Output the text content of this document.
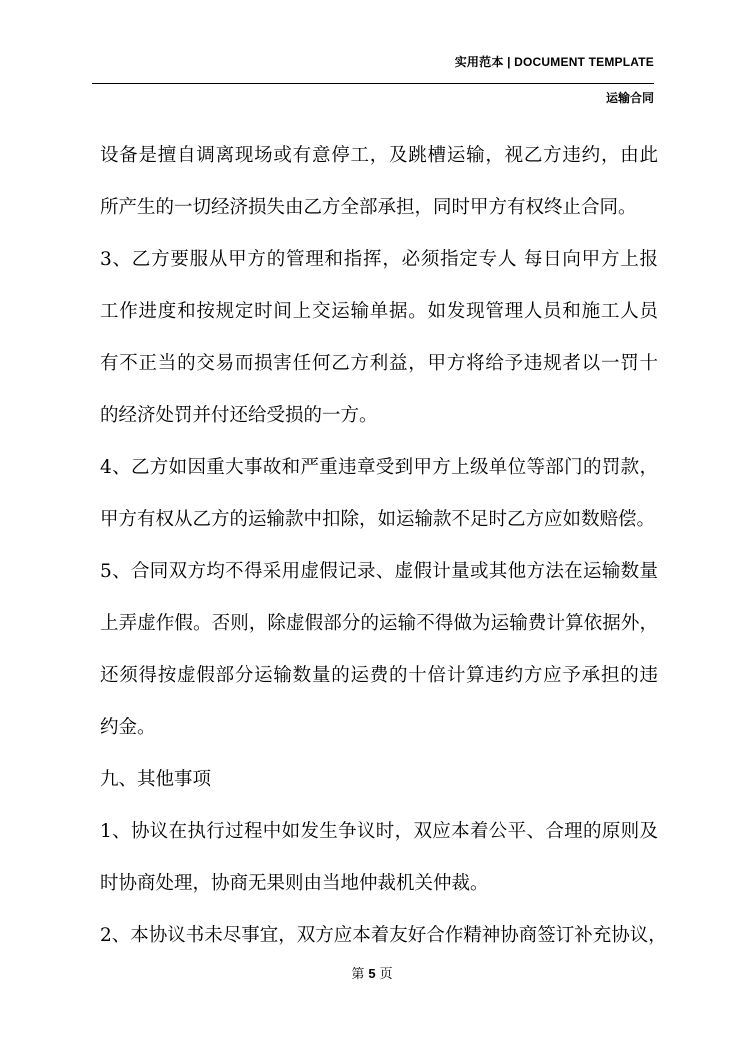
实用范本 | DOCUMENT TEMPLATE
运输合同
设备是擅自调离现场或有意停工，及跳槽运输，视乙方违约，由此
所产生的一切经济损失由乙方全部承担，同时甲方有权终止合同。
3、乙方要服从甲方的管理和指挥，必须指定专人 每日向甲方上报
工作进度和按规定时间上交运输单据。如发现管理人员和施工人员
有不正当的交易而损害任何乙方利益，甲方将给予违规者以一罚十
的经济处罚并付还给受损的一方。
4、乙方如因重大事故和严重违章受到甲方上级单位等部门的罚款，
甲方有权从乙方的运输款中扣除，如运输款不足时乙方应如数赔偿。
5、合同双方均不得采用虚假记录、虚假计量或其他方法在运输数量
上弄虚作假。否则，除虚假部分的运输不得做为运输费计算依据外，
还须得按虚假部分运输数量的运费的十倍计算违约方应予承担的违
约金。
九、其他事项
1、协议在执行过程中如发生争议时，双应本着公平、合理的原则及
时协商处理，协商无果则由当地仲裁机关仲裁。
2、本协议书未尽事宜，双方应本着友好合作精神协商签订补充协议，
第 5 页
